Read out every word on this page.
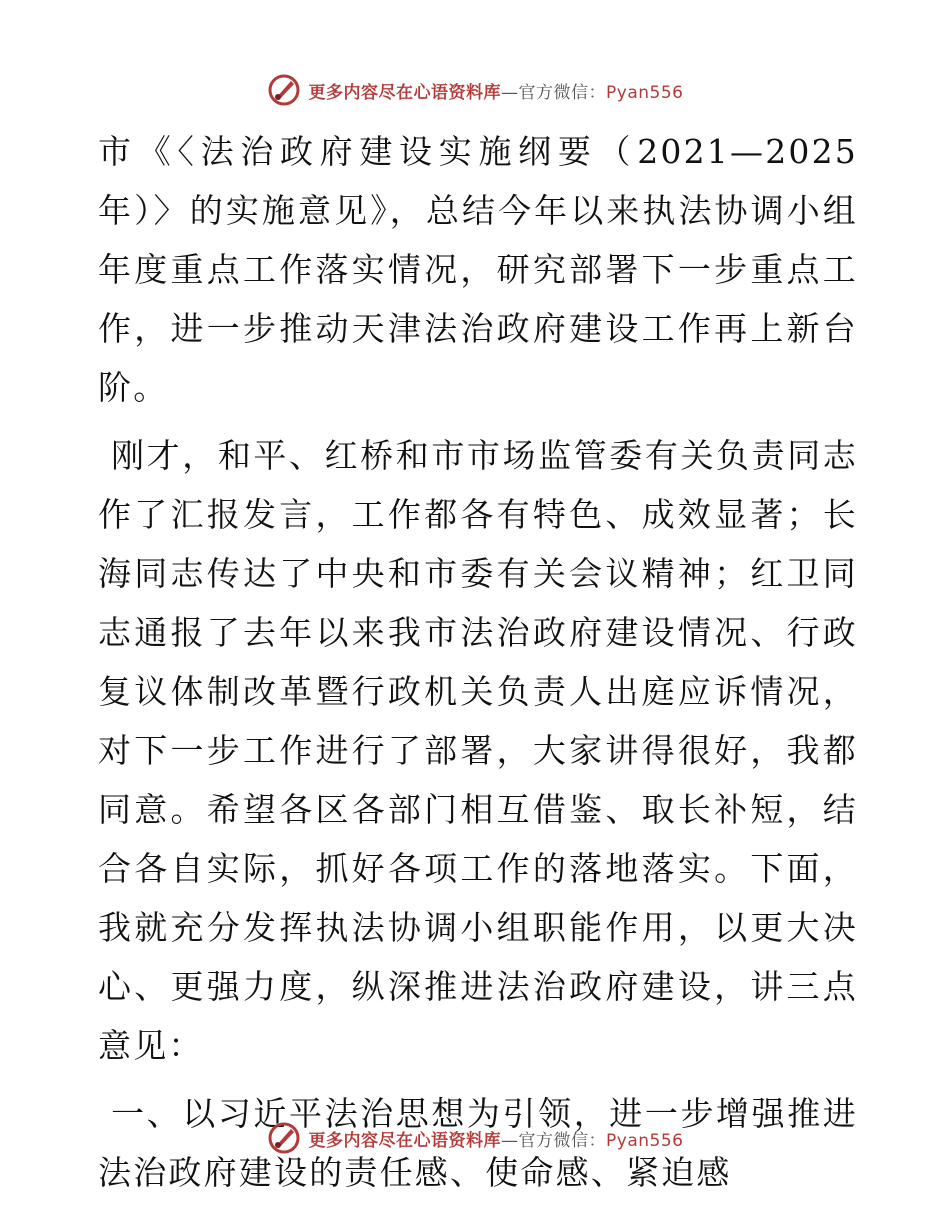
更多内容尽在心语资料库—官方微信：Pyan556

市《〈法治政府建设实施纲要（2021—2025年）〉的实施意见》，总结今年以来执法协调小组年度重点工作落实情况，研究部署下一步重点工作，进一步推动天津法治政府建设工作再上新台阶。

刚才，和平、红桥和市市场监管委有关负责同志作了汇报发言，工作都各有特色、成效显著；长海同志传达了中央和市委有关会议精神；红卫同志通报了去年以来我市法治政府建设情况、行政复议体制改革暨行政机关负责人出庭应诉情况，对下一步工作进行了部署，大家讲得很好，我都同意。希望各区各部门相互借鉴、取长补短，结合各自实际，抓好各项工作的落地落实。下面，我就充分发挥执法协调小组职能作用，以更大决心、更强力度，纵深推进法治政府建设，讲三点意见：

一、以习近平法治思想为引领，进一步增强推进法治政府建设的责任感、使命感、紧迫感

更多内容尽在心语资料库—官方微信：Pyan556
